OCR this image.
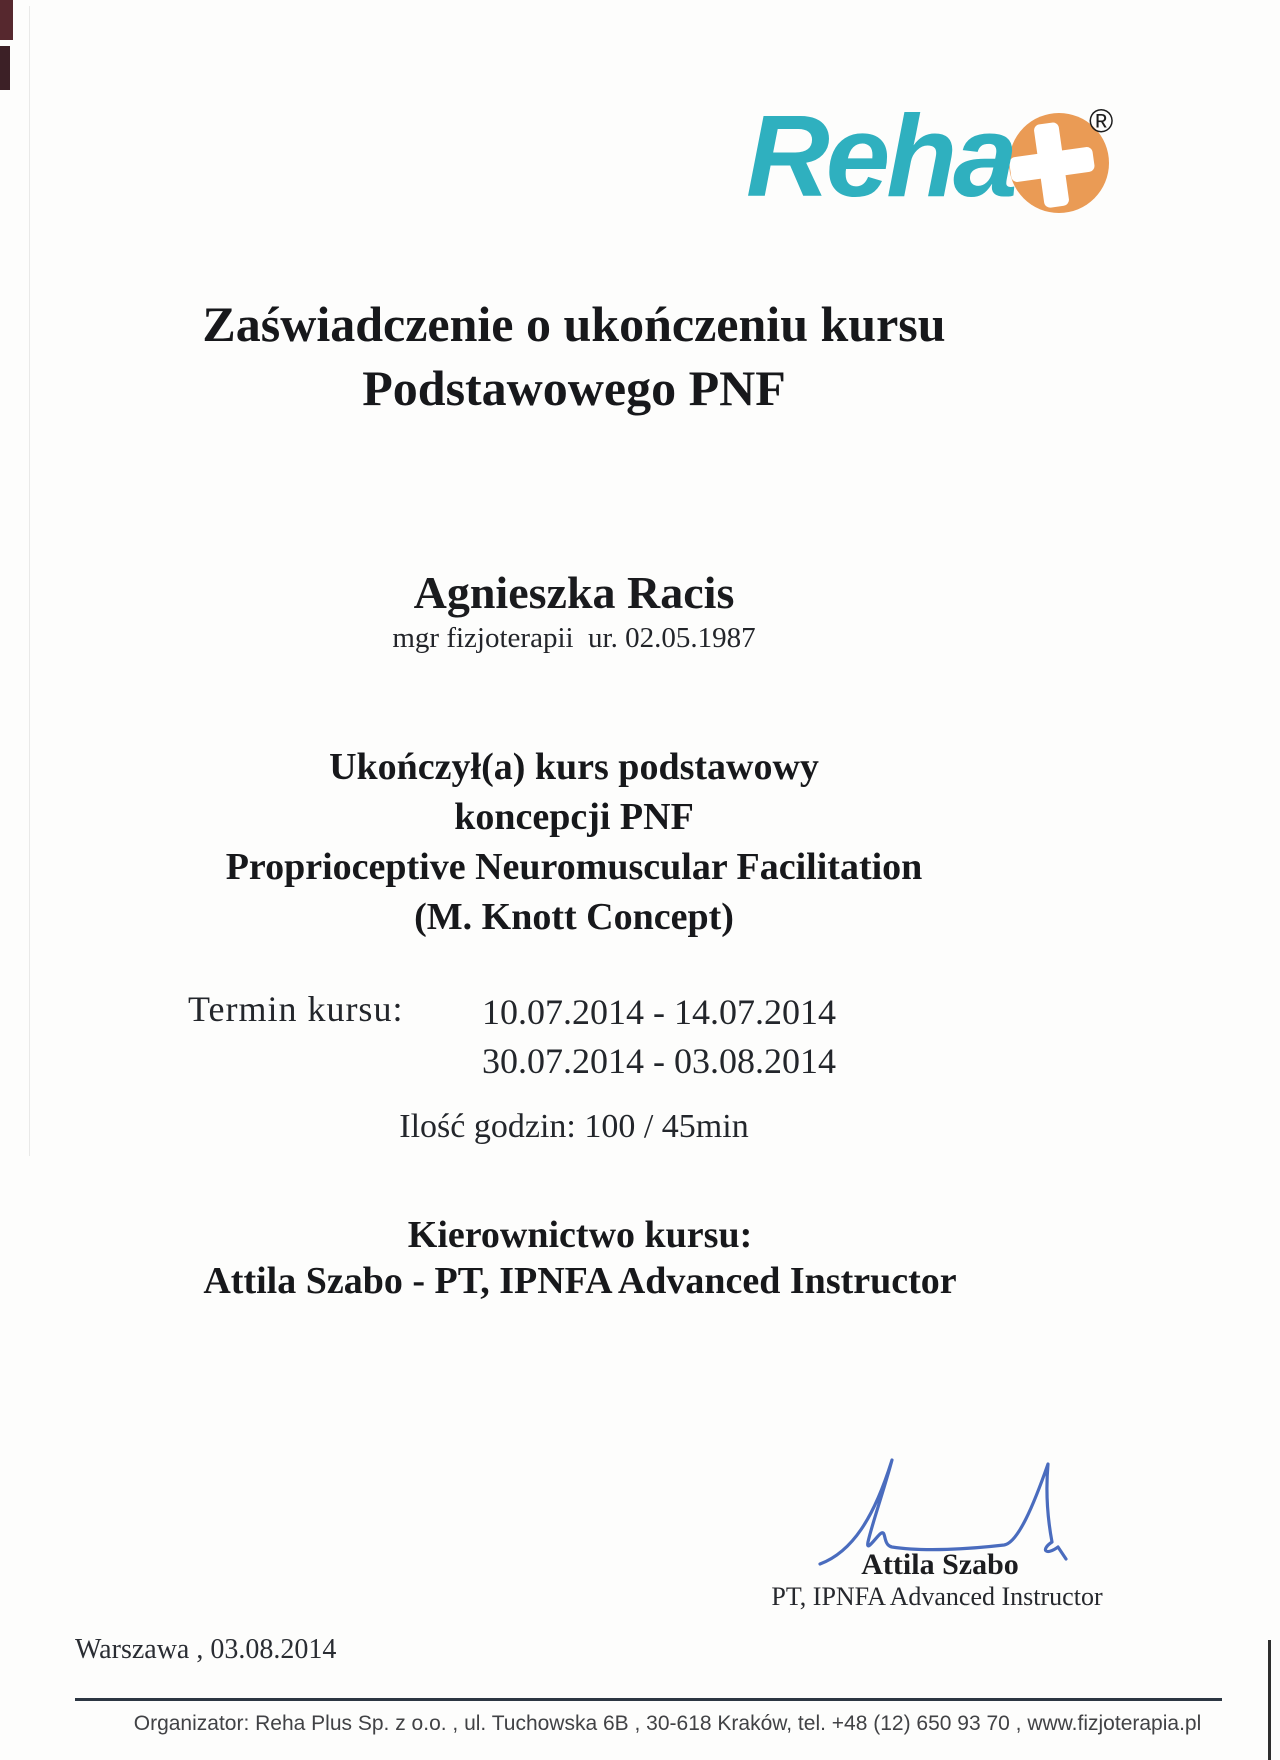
Reha ®
Zaświadczenie o ukończeniu kursu
Podstawowego PNF
Agnieszka Racis
mgr fizjoterapii  ur. 02.05.1987
Ukończył(a) kurs podstawowy
koncepcji PNF
Proprioceptive Neuromuscular Facilitation
(M. Knott Concept)
Termin kursu: 10.07.2014 - 14.07.2014
30.07.2014 - 03.08.2014
Ilość godzin: 100 / 45min
Kierownictwo kursu:
Attila Szabo - PT, IPNFA Advanced Instructor
Attila Szabo
PT, IPNFA Advanced Instructor
Warszawa , 03.08.2014
Organizator: Reha Plus Sp. z o.o. , ul. Tuchowska 6B , 30-618 Kraków, tel. +48 (12) 650 93 70 , www.fizjoterapia.pl
